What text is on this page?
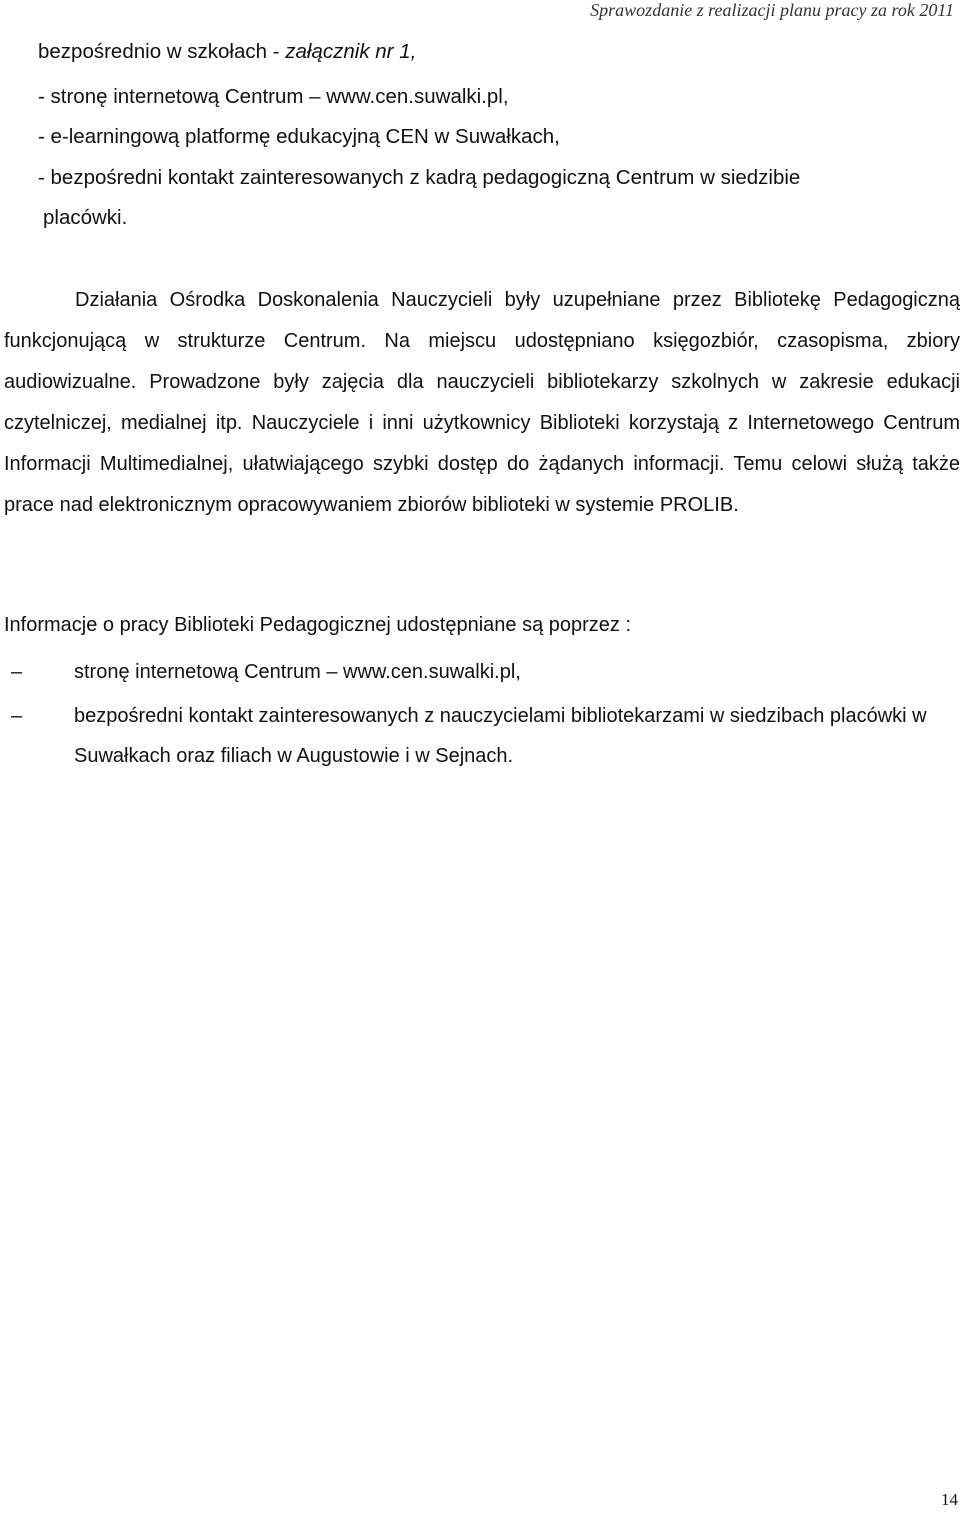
Sprawozdanie z realizacji planu pracy za rok 2011
bezpośrednio w szkołach - załącznik nr 1,
- stronę internetową Centrum – www.cen.suwalki.pl,
- e-learningową platformę edukacyjną CEN w Suwałkach,
- bezpośredni kontakt zainteresowanych z kadrą pedagogiczną Centrum w siedzibie
placówki.

Działania Ośrodka Doskonalenia Nauczycieli były uzupełniane przez Bibliotekę Pedagogiczną funkcjonującą w strukturze Centrum. Na miejscu udostępniano księgozbiór, czasopisma, zbiory audiowizualne. Prowadzone były zajęcia dla nauczycieli bibliotekarzy szkolnych w zakresie edukacji czytelniczej, medialnej itp. Nauczyciele i inni użytkownicy Biblioteki korzystają z Internetowego Centrum Informacji Multimedialnej, ułatwiającego szybki dostęp do żądanych informacji. Temu celowi służą także prace nad elektronicznym opracowywaniem zbiorów biblioteki w systemie PROLIB.

Informacje o pracy Biblioteki Pedagogicznej udostępniane są poprzez :
–	stronę internetową Centrum – www.cen.suwalki.pl,
–	bezpośredni kontakt zainteresowanych z nauczycielami bibliotekarzami w siedzibach placówki w Suwałkach oraz filiach w Augustowie i w Sejnach.
14
